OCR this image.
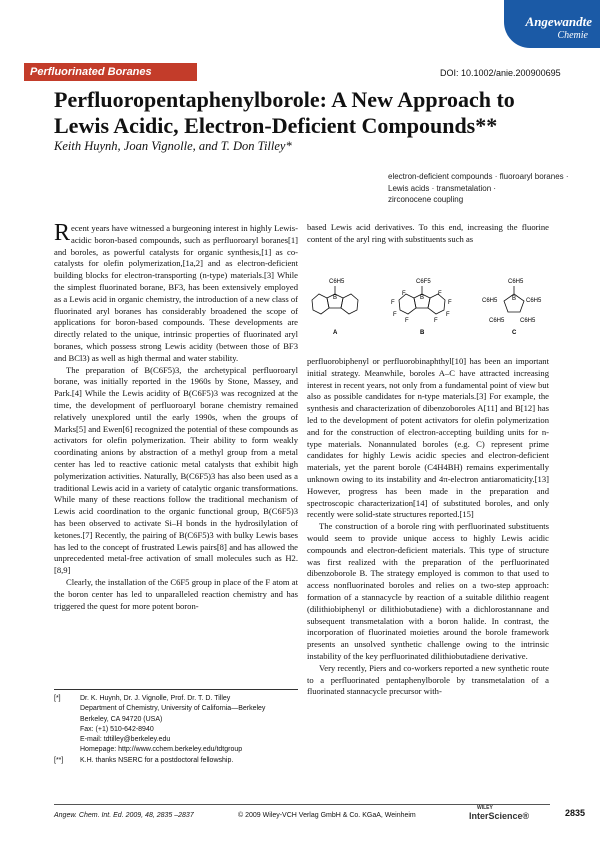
Angewandte
Chemie
Perfluorinated Boranes	DOI: 10.1002/anie.200900695
Perfluoropentaphenylborole: A New Approach to Lewis Acidic, Electron-Deficient Compounds**
Keith Huynh, Joan Vignolle, and T. Don Tilley*
electron-deficient compounds · fluoroaryl boranes ·
Lewis acids · transmetalation ·
zirconocene coupling

Recent years have witnessed a burgeoning interest in highly Lewis-acidic boron-based compounds, such as perfluoroaryl boranes[1] and boroles, as powerful catalysts for organic synthesis,[1] as co-catalysts for olefin polymerization,[1a,2] and as electron-deficient building blocks for electron-transporting (n-type) materials.[3] While the simplest fluorinated borane, BF3, has been extensively employed as a Lewis acid in organic chemistry, the introduction of a new class of fluorinated aryl boranes has considerably broadened the scope of applications for boron-based compounds. These developments are directly related to the unique, intrinsic properties of fluorinated aryl boranes, which possess strong Lewis acidity (between those of BF3 and BCl3) as well as high thermal and water stability.

The preparation of B(C6F5)3, the archetypical perfluoroaryl borane, was initially reported in the 1960s by Stone, Massey, and Park.[4] While the Lewis acidity of B(C6F5)3 was recognized at the time, the development of perfluoroaryl borane chemistry remained relatively unexplored until the early 1990s, when the groups of Marks[5] and Ewen[6] recognized the potential of these compounds as activators for olefin polymerization. Their ability to form weakly coordinating anions by abstraction of a methyl group from a metal center has led to reactive cationic metal catalysts that exhibit high polymerization activities. Naturally, B(C6F5)3 has also been used as a traditional Lewis acid in a variety of catalytic organic transformations. While many of these reactions follow the traditional mechanism of Lewis acid coordination to the organic functional group, B(C6F5)3 has been observed to activate Si–H bonds in the hydrosilylation of ketones.[7] Recently, the pairing of B(C6F5)3 with bulky Lewis bases has led to the concept of frustrated Lewis pairs[8] and has allowed the unprecedented metal-free activation of small molecules such as H2.[8,9]

Clearly, the installation of the C6F5 group in place of the F atom at the boron center has led to unparalleled reaction chemistry and has triggered the quest for more potent boron-

based Lewis acid derivatives. To this end, increasing the fluorine content of the aryl ring with substituents such as

C6H5
B
A
C6F5
B
F
F
F
F
F
F
F
F
B
C6H5
B
C6H5	C6H5
C6H5	C6H5
C

perfluorobiphenyl or perfluorobinaphthyl[10] has been an important initial strategy. Meanwhile, boroles A–C have attracted increasing interest in recent years, not only from a fundamental point of view but also as possible candidates for n-type materials.[3] For example, the synthesis and characterization of dibenzoboroles A[11] and B[12] has led to the development of potent activators for olefin polymerization and for the construction of electron-accepting building units for n-type materials. Nonannulated boroles (e.g. C) represent prime candidates for highly Lewis acidic species and electron-deficient materials, yet the parent borole (C4H4BH) remains experimentally unknown owing to its instability and 4π-electron antiaromaticity.[13] However, progress has been made in the preparation and spectroscopic characterization[14] of substituted boroles, and only recently were solid-state structures reported.[15]

The construction of a borole ring with perfluorinated substituents would seem to provide unique access to highly Lewis acidic compounds and electron-deficient materials. This type of structure was first realized with the preparation of the perfluorinated dibenzoborole B. The strategy employed is common to that used to access nonfluorinated boroles and relies on a two-step approach: formation of a stannacycle by reaction of a suitable dilithio reagent (dilithiobiphenyl or dilithiobutadiene) with a dichlorostannane and subsequent transmetalation with a boron halide. In contrast, the incorporation of fluorinated moieties around the borole framework presents an unsolved synthetic challenge owing to the intrinsic instability of the key perfluorinated dilithiobutadiene derivative.

Very recently, Piers and co-workers reported a new synthetic route to a perfluorinated pentaphenylborole by transmetalation of a fluorinated stannacycle precursor with-

[*]	Dr. K. Huynh, Dr. J. Vignolle, Prof. Dr. T. D. Tilley
Department of Chemistry, University of California—Berkeley
Berkeley, CA 94720 (USA)
Fax: (+1) 510-642-8940
E-mail: tdtilley@berkeley.edu
Homepage: http://www.cchem.berkeley.edu/tdtgroup
[**]	K.H. thanks NSERC for a postdoctoral fellowship.
Angew. Chem. Int. Ed. 2009, 48, 2835 –2837	© 2009 Wiley-VCH Verlag GmbH & Co. KGaA, Weinheim
WILEY
InterScience®	2835
